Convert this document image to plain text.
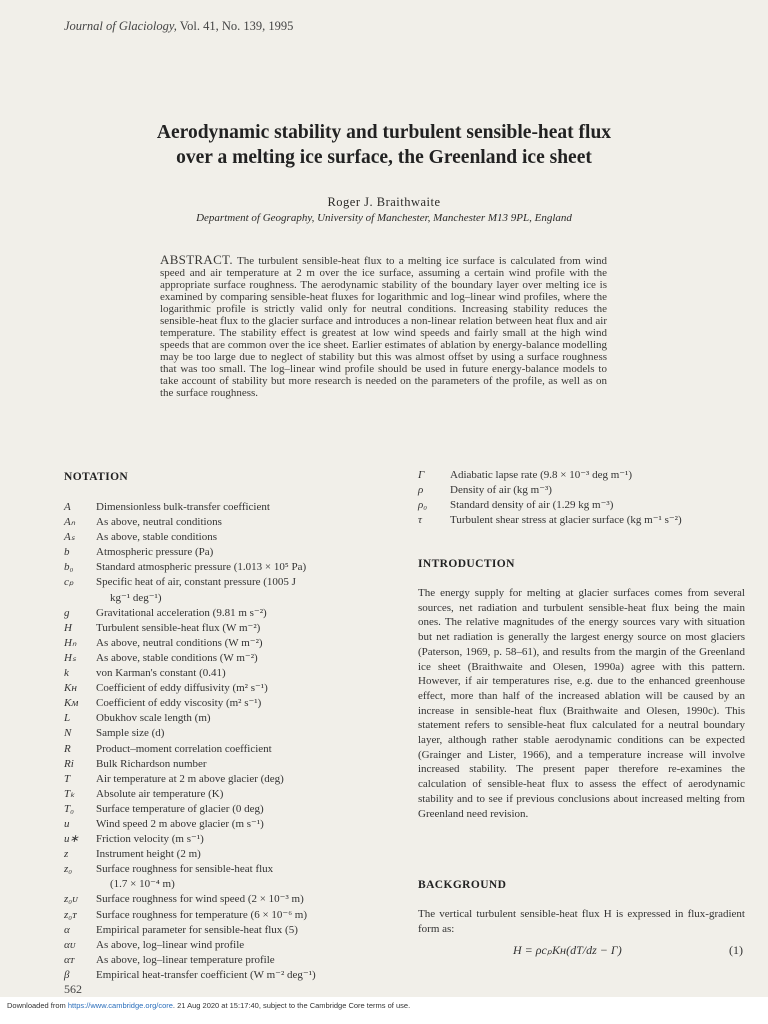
Journal of Glaciology, Vol. 41, No. 139, 1995
Aerodynamic stability and turbulent sensible-heat flux
over a melting ice surface, the Greenland ice sheet
Roger J. Braithwaite
Department of Geography, University of Manchester, Manchester M13 9PL, England
ABSTRACT. The turbulent sensible-heat flux to a melting ice surface is calculated from wind speed and air temperature at 2 m over the ice surface, assuming a certain wind profile with the appropriate surface roughness. The aerodynamic stability of the boundary layer over melting ice is examined by comparing sensible-heat fluxes for logarithmic and log–linear wind profiles, where the logarithmic profile is strictly valid only for neutral conditions. Increasing stability reduces the sensible-heat flux to the glacier surface and introduces a non-linear relation between heat flux and air temperature. The stability effect is greatest at low wind speeds and fairly small at the high wind speeds that are common over the ice sheet. Earlier estimates of ablation by energy-balance modelling may be too large due to neglect of stability but this was almost offset by using a surface roughness that was too small. The log–linear wind profile should be used in future energy-balance models to take account of stability but more research is needed on the parameters of the profile, as well as on the surface roughness.
NOTATION
A Dimensionless bulk-transfer coefficient
Aₙ As above, neutral conditions
Aₛ As above, stable conditions
b Atmospheric pressure (Pa)
b₀ Standard atmospheric pressure (1.013 × 10⁵ Pa)
cₚ Specific heat of air, constant pressure (1005 J
kg⁻¹ deg⁻¹)
g Gravitational acceleration (9.81 m s⁻²)
H Turbulent sensible-heat flux (W m⁻²)
Hₙ As above, neutral conditions (W m⁻²)
Hₛ As above, stable conditions (W m⁻²)
k von Karman's constant (0.41)
Kʜ Coefficient of eddy diffusivity (m² s⁻¹)
Kᴍ Coefficient of eddy viscosity (m² s⁻¹)
L Obukhov scale length (m)
N Sample size (d)
R Product–moment correlation coefficient
Ri Bulk Richardson number
T Air temperature at 2 m above glacier (deg)
Tₖ Absolute air temperature (K)
T₀ Surface temperature of glacier (0 deg)
u Wind speed 2 m above glacier (m s⁻¹)
u∗ Friction velocity (m s⁻¹)
z	Instrument height (2 m)
z₀ Surface roughness for sensible-heat flux
(1.7 × 10⁻⁴ m)
z₀ᴜ Surface roughness for wind speed (2 × 10⁻³ m)
z₀ᴛ Surface roughness for temperature (6 × 10⁻⁶ m)
α Empirical parameter for sensible-heat flux (5)
αᴜ As above, log–linear wind profile
αᴛ As above, log–linear temperature profile
β Empirical heat-transfer coefficient (W m⁻² deg⁻¹)
Γ Adiabatic lapse rate (9.8 × 10⁻³ deg m⁻¹)
ρ Density of air (kg m⁻³)
ρ₀ Standard density of air (1.29 kg m⁻³)
τ	Turbulent shear stress at glacier surface (kg m⁻¹ s⁻²)
INTRODUCTION
The energy supply for melting at glacier surfaces comes from several sources, net radiation and turbulent sensible-heat flux being the main ones. The relative magnitudes of the energy sources vary with situation but net radiation is generally the largest energy source on most glaciers (Paterson, 1969, p. 58–61), and results from the margin of the Greenland ice sheet (Braithwaite and Olesen, 1990a) agree with this pattern. However, if air temperatures rise, e.g. due to the enhanced greenhouse effect, more than half of the increased ablation will be caused by an increase in sensible-heat flux (Braithwaite and Olesen, 1990c). This statement refers to sensible-heat flux calculated for a neutral boundary layer, although rather stable aerodynamic conditions can be expected (Grainger and Lister, 1966), and a temperature increase will involve increased stability. The present paper therefore re-examines the calculation of sensible-heat flux to assess the effect of aerodynamic stability and to see if previous conclusions about increased melting from Greenland need revision.
BACKGROUND
The vertical turbulent sensible-heat flux H is expressed in flux-gradient form as:
H = ρcₚKʜ(dT/dz − Γ)	(1)
562
Downloaded from https://www.cambridge.org/core. 21 Aug 2020 at 15:17:40, subject to the Cambridge Core terms of use.
